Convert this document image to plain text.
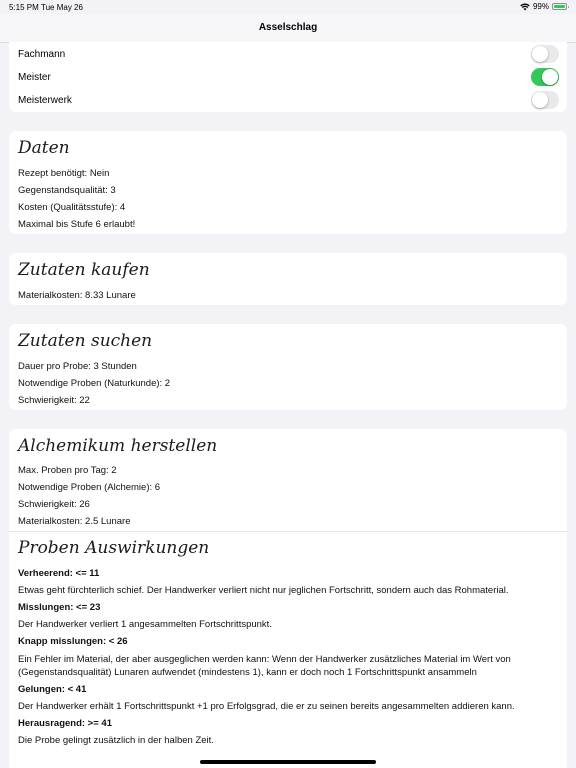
5:15 PM Tue May 26	99%
Asselschlag
Fachmann
Meister
Meisterwerk
Daten
Rezept benötigt: Nein
Gegenstandsqualität: 3
Kosten (Qualitätsstufe): 4
Maximal bis Stufe 6 erlaubt!
Zutaten kaufen
Materialkosten: 8.33 Lunare
Zutaten suchen
Dauer pro Probe: 3 Stunden
Notwendige Proben (Naturkunde): 2
Schwierigkeit: 22
Alchemikum herstellen
Max. Proben pro Tag: 2
Notwendige Proben (Alchemie): 6
Schwierigkeit: 26
Materialkosten: 2.5 Lunare
Proben Auswirkungen
Verheerend: <= 11
Etwas geht fürchterlich schief. Der Handwerker verliert nicht nur jeglichen Fortschritt, sondern auch das Rohmaterial.
Misslungen: <= 23
Der Handwerker verliert 1 angesammelten Fortschrittspunkt.
Knapp misslungen: < 26
Ein Fehler im Material, der aber ausgeglichen werden kann: Wenn der Handwerker zusätzliches Material im Wert von (Gegenstandsqualität) Lunaren aufwendet (mindestens 1), kann er doch noch 1 Fortschrittspunkt ansammeln
Gelungen: < 41
Der Handwerker erhält 1 Fortschrittspunkt +1 pro Erfolgsgrad, die er zu seinen bereits angesammelten addieren kann.
Herausragend: >= 41
Die Probe gelingt zusätzlich in der halben Zeit.
